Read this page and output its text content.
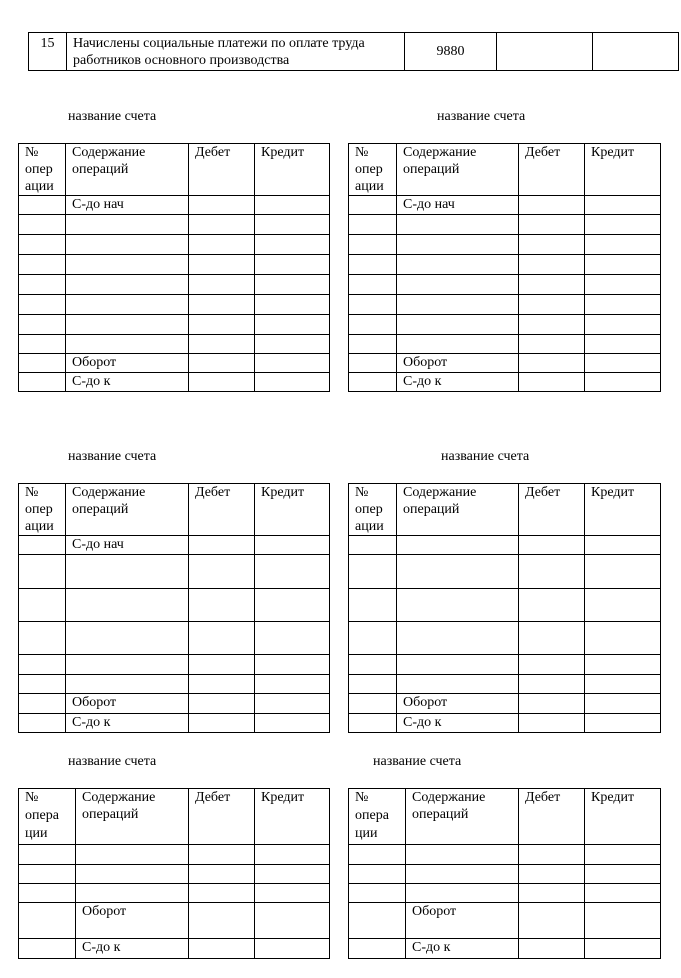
15	Начислены социальные платежи по оплате труда работников основного производства	9880		
название счета	название счета
№ опер ации	Содержание операций	Дебет	Кредит
	С-до нач		

	Оборот		
	С-до к		
№ опер ации	Содержание операций	Дебет	Кредит
	С-до нач		

	Оборот		
	С-до к		
название счета	название счета
№ опер ации	Содержание операций	Дебет	Кредит
	С-до нач		

	Оборот		
	С-до к		
№ опер ации	Содержание операций	Дебет	Кредит

	Оборот		
	С-до к		
название счета	название счета
№ опера ции	Содержание операций	Дебет	Кредит

	Оборот		
	С-до к		
№ опера ции	Содержание операций	Дебет	Кредит

	Оборот		
	С-до к		
